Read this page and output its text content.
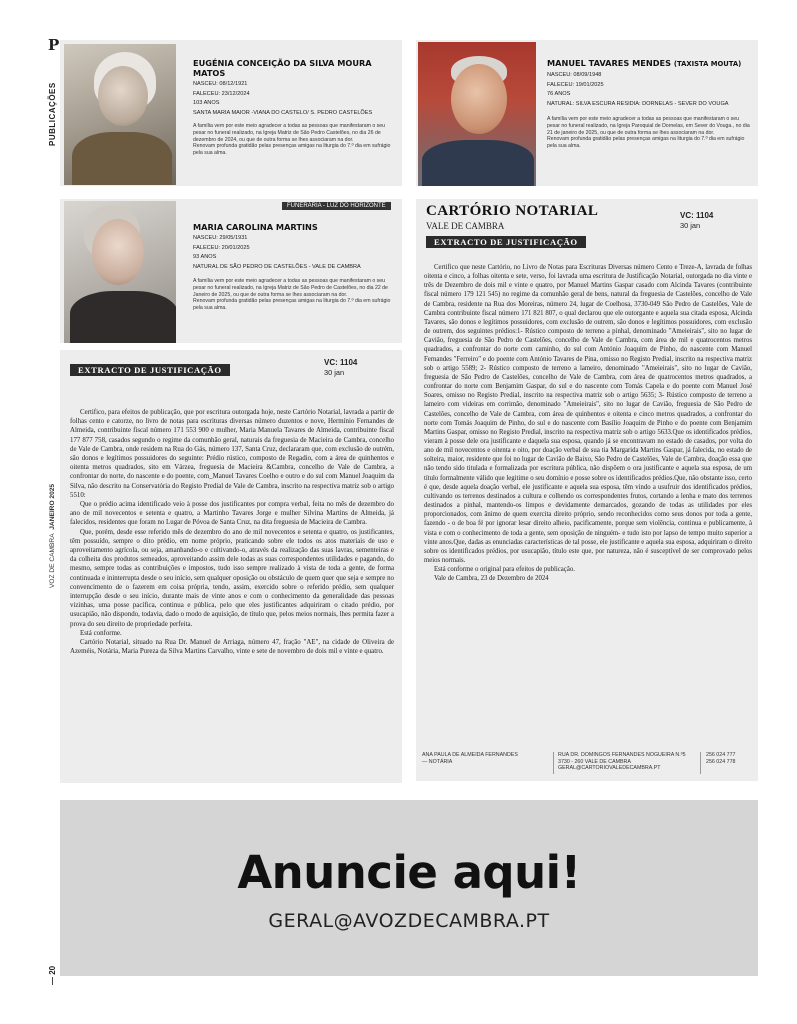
P
PUBLICAÇÕES
VOZ DE CAMBRA  JANEIRO 2025
— 20
EUGÉNIA CONCEIÇÃO DA SILVA MOURA MATOS
NASCEU: 08/12/1921
FALECEU: 23/12/2024
103 ANOS
SANTA MARIA MAIOR -VIANA DO CASTELO/ S. PEDRO CASTELÕES
A família vem por este meio agradecer a todas as pessoas que manifestaram o seu pesar no funeral realizado, na Igreja Matriz de São Pedro Castelões, no dia 26 de dezembro de 2024, ou que de outra forma se lhes associaram na dor.
Renovam profunda gratidão pelas presenças amigas na liturgia do 7.º dia em sufrágio pela sua alma.
MANUEL TAVARES MENDES (TAXISTA MOUTA)
NASCEU: 08/09/1948
FALECEU: 19/01/2025
76 ANOS
NATURAL: SILVA ESCURA RESIDIA: DORNELAS - SEVER DO VOUGA
A família vem por este meio agradecer a todas as pessoas que manifestaram o seu pesar no funeral realizado, na Igreja Paroquial de Dornelas, em Sever do Vouga., no dia 21 de janeiro de 2025, ou que de outra forma se lhes associaram na dor.
Renovam profunda gratidão pelas presenças amigas na liturgia do 7.º dia em sufrágio pela sua alma.
FUNERÁRIA - LUZ DO HORIZONTE
MARIA CAROLINA MARTINS
NASCEU: 29/05/1931
FALECEU: 20/01/2025
93 ANOS
NATURAL DE SÃO PEDRO DE CASTELÕES - VALE DE CAMBRA
A família vem por este meio agradecer a todas as pessoas que manifestaram o seu pesar no funeral realizado, na Igreja Matriz de São Pedro de Castelões, no dia 22 de Janeiro de 2025, ou que de outra forma se lhes associaram na dor.
Renovam profunda gratidão pelas presenças amigas na liturgia do 7.º dia em sufrágio pela sua alma.
EXTRACTO DE JUSTIFICAÇÃO
VC: 1104
30 jan

Certifico, para efeitos de publicação, que por escritura outorgada hoje, neste Cartório Notarial, lavrada a partir de folhas cento e catorze, no livro de notas para escrituras diversas número duzentos e nove, Hermínio Fernandes de Almeida, contribuinte fiscal número 171 553 900 e mulher, Maria Manuela Tavares de Almeida, contribuinte fiscal 177 877 758, casados segundo o regime da comunhão geral, naturais da freguesia de Macieira de Cambra, concelho de Vale de Cambra, onde residem na Rua do Gás, número 137, Santa Cruz, declararam que, com exclusão de outrém, são donos e legítimos possuidores do seguinte: Prédio rústico, composto de Regadio, com a área de quinhentos e oitenta metros quadrados, sito em Várzea, freguesia de Macieira &Cambra, concelho de Vale de Cambra, a confrontar do norte, do nascente e do poente, com_Manuel Tavares Coelho e outro e do sul com Manuel Joaquim da Silva, não descrito na Conservatória do Registo Predial de Vale de Cambra, inscrito na respectiva matriz sob o artigo 5510:

Que o prédio acima identificado veio à posse dos justificantes por compra verbal, feita no mês de dezembro do ano de mil novecentos e setenta e quatro, a Martinho Tavares Jorge e mulher Silvina Martins de Almeida, já falecidos, residentes que foram no Lugar de Póvoa de Santa Cruz, na dita freguesia de Macieira de Cambra.

Que, porém, desde esse referido mês de dezembro do ano de mil novecentos e setenta e quatro, os justificantes, têm possuído, sempre o dito prédio, em nome próprio, praticando sobre ele todos os atos materiais de uso e aproveitamento agrícola, ou seja, amanhando-o e cultivando-o, através da realização das suas lavras, sementeiras e da colheita dos produtos semeados, aproveitando assim dele todas as suas correspondentes utilidades e pagando, do mesmo, sempre todas as contribuições e impostos, tudo isso sempre realizado à vista de toda a gente, de forma continuada e ininterrupta desde o seu início, sem qualquer oposição ou obstáculo de quem quer que seja e sempre no convencimento de o fazerem em coisa própria, tendo, assim, exercido sobre o referido prédio, sem qualquer interrupção desde o seu início, durante mais de vinte anos e com o conhecimento da generalidade das pessoas vizinhas, uma posse pacífica, continua e pública, pelo que eles justificantes adquiriram o citado prédio, por usucapião, não dispondo, todavia, dado o modo de aquisição, de título que, pelos meios normais, lhes permita fazer a prova do seu direito de propriedade perfeita.

Está conforme.

Cartório Notarial, situado na Rua Dr. Manuel de Arriaga, número 47, fração "AE", na cidade de Oliveira de Azeméis, Notária, Maria Pureza da Silva Martins Carvalho, vinte e sete de novembro de dois mil e vinte e quatro.

CARTÓRIO NOTARIAL
VALE DE CAMBRA
EXTRACTO DE JUSTIFICAÇÃO
VC: 1104
30 jan

Certifico que neste Cartório, no Livro de Notas para Escrituras Diversas número Cento e Treze-A, lavrada de folhas oitenta e cinco, a folhas oitenta e sete, verso, foi lavrada uma escritura de Justificação Notarial, outorgada no dia vinte e três de Dezembro de dois mil e vinte e quatro, por Manuel Martins Gaspar casado com Alcinda Tavares (contribuinte fiscal número 179 121 545) no regime da comunhão geral de bens, natural da freguesia de Castelões, concelho de Vale de Cambra, residente na Rua dos Moreiras, número 24, lugar de Coelhosa, 3730-049 São Pedro de Castelões, Vale de Cambra contribuinte fiscal número 171 821 807, o qual declarou que ele outorgante e aquela sua citada esposa, Alcinda Tavares, são donos e legítimos possuidores, com exclusão de outrem, são donos e legítimos possuidores, com exclusão de outrem, dos seguintes prédios:1- Rústico composto de terreno a pinhal, denominado "Ameieirais", sito no lugar de Cavião, freguesia de São Pedro de Castelões, concelho de Vale de Cambra, com área de mil e quatrocentos metros quadrados, a confrontar do norte com caminho, do sul com António Joaquim de Pinho, do nascente com Manuel Fernandes "Ferreiro" e do poente com António Tavares de Pina, omisso no Registo Predial, inscrito na respectiva matriz sob o artigo 5589; 2- Rústico composto de terreno a lameiro, denominado "Ameieirais", sito no lugar de Cavião, freguesia de São Pedro de Castelões, concelho de Vale de Cambra, com área de quatrocentos metros quadrados, a confrontar do norte com Benjamim Gaspar, do sul e do nascente com Tomás Capela e do poente com Manuel José Soares, omisso no Registo Predial, inscrito na respectiva matriz sob o artigo 5635; 3- Rústico composto de terreno a lameiro com videiras em corrimão, denominado "Ameieirais", sito no lugar de Cavião, freguesia de São Pedro de Castelões, concelho de Vale de Cambra, com área de quinhentos e oitenta e cinco metros quadrados, a confrontar do norte com Tomás Joaquim de Pinho, do sul e do nascente com Basílio Joaquim de Pinho e do poente com Benjamim Martins Gaspar, omisso no Registo Predial, inscrito na respectiva matriz sob o artigo 5633.Que os identificados prédios, vieram à posse dele ora justificante e daquela sua esposa, quando já se encontravam no estado de casados, por volta do ano de mil novecentos e oitenta e oito, por doação verbal de sua tia Margarida Martins Gaspar, já falecida, no estado de solteira, maior, residente que foi no lugar de Cavião de Baixo, São Pedro de Castelões, Vale de Cambra, doação essa que não tendo sido titulada e formalizada por escritura pública, não dispõem o ora justificante e aquela sua esposa, de um título formalmente válido que legitime o seu domínio e posse sobre os identificados prédios.Que, não obstante isso, certo é que, desde aquela doação verbal, ele justificante e aquela sua esposa, têm vindo a usufruir dos identificados prédios, cultivando os terrenos destinados a cultura e colhendo os correspondentes frutos, cortando a lenha e mato dos terrenos destinados a pinhal, mantendo-os limpos e devidamente demarcados, gozando de todas as utilidades por eles proporcionados, com ânimo de quem exercita direito próprio, sendo reconhecidos como seus donos por toda a gente, fazendo - o de boa fé por ignorar lesar direito alheio, pacificamente, porque sem violência, continua e publicamente, à vista e com o conhecimento de toda a gente, sem oposição de ninguém- e tudo isto por lapso de tempo muito superior a vinte anos.Que, dadas as enunciadas características de tal posse, ele justificante e aquela sua esposa, adquiriram o direito sobre os identificados prédios, por usucapião, título este que, por natureza, não é susceptível de ser comprovado pelos meios normais.

Está conforme o original para efeitos de publicação.

Vale de Cambra, 23 de Dezembro de 2024

ANA PAULA DE ALMEIDA FERNANDES
— NOTÁRIA
RUA DR. DOMINGOS FERNANDES NOGUEIRA N.º5
3730 - 260 VALE DE CAMBRA
GERAL@CARTORIOVALEDECAMBRA.PT
256 024 777
256 024 778
Anuncie aqui!
GERAL@AVOZDECAMBRA.PT
